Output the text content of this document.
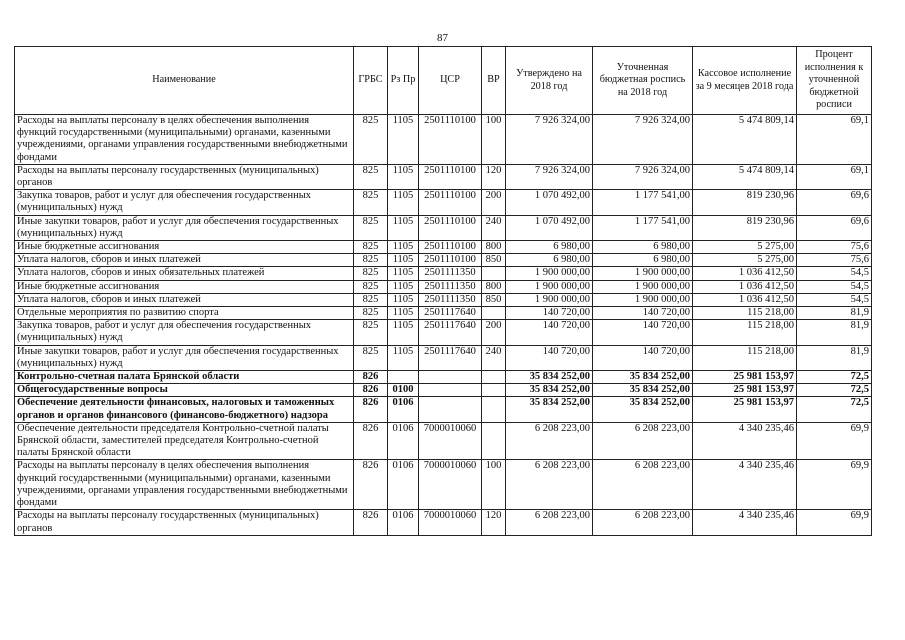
87
Наименование	ГРБС	Рз Пр	ЦСР	ВР	Утверждено на 2018 год	Уточненная бюджетная роспись на 2018 год	Кассовое исполнение за 9 месяцев 2018 года	Процент исполнения к уточненной бюджетной росписи
Расходы на выплаты персоналу в целях обеспечения выполнения функций государственными (муниципальными) органами, казенными учреждениями, органами управления государственными внебюджетными фондами	825	1105	2501110100	100	7 926 324,00	7 926 324,00	5 474 809,14	69,1
Расходы на выплаты персоналу государственных (муниципальных) органов	825	1105	2501110100	120	7 926 324,00	7 926 324,00	5 474 809,14	69,1
Закупка товаров, работ и услуг для обеспечения государственных (муниципальных) нужд	825	1105	2501110100	200	1 070 492,00	1 177 541,00	819 230,96	69,6
Иные закупки товаров, работ и услуг для обеспечения государственных (муниципальных) нужд	825	1105	2501110100	240	1 070 492,00	1 177 541,00	819 230,96	69,6
Иные бюджетные ассигнования	825	1105	2501110100	800	6 980,00	6 980,00	5 275,00	75,6
Уплата налогов, сборов и иных платежей	825	1105	2501110100	850	6 980,00	6 980,00	5 275,00	75,6
Уплата налогов, сборов и иных обязательных платежей	825	1105	2501111350		1 900 000,00	1 900 000,00	1 036 412,50	54,5
Иные бюджетные ассигнования	825	1105	2501111350	800	1 900 000,00	1 900 000,00	1 036 412,50	54,5
Уплата налогов, сборов и иных платежей	825	1105	2501111350	850	1 900 000,00	1 900 000,00	1 036 412,50	54,5
Отдельные мероприятия по развитию спорта	825	1105	2501117640		140 720,00	140 720,00	115 218,00	81,9
Закупка товаров, работ и услуг для обеспечения государственных (муниципальных) нужд	825	1105	2501117640	200	140 720,00	140 720,00	115 218,00	81,9
Иные закупки товаров, работ и услуг для обеспечения государственных (муниципальных) нужд	825	1105	2501117640	240	140 720,00	140 720,00	115 218,00	81,9
Контрольно-счетная палата Брянской области	826				35 834 252,00	35 834 252,00	25 981 153,97	72,5
Общегосударственные вопросы	826	0100			35 834 252,00	35 834 252,00	25 981 153,97	72,5
Обеспечение деятельности финансовых, налоговых и таможенных органов и органов финансового (финансово-бюджетного) надзора	826	0106			35 834 252,00	35 834 252,00	25 981 153,97	72,5
Обеспечение деятельности председателя Контрольно-счетной палаты Брянской области, заместителей председателя Контрольно-счетной палаты Брянской области	826	0106	7000010060		6 208 223,00	6 208 223,00	4 340 235,46	69,9
Расходы на выплаты персоналу в целях обеспечения выполнения функций государственными (муниципальными) органами, казенными учреждениями, органами управления государственными внебюджетными фондами	826	0106	7000010060	100	6 208 223,00	6 208 223,00	4 340 235,46	69,9
Расходы на выплаты персоналу государственных (муниципальных) органов	826	0106	7000010060	120	6 208 223,00	6 208 223,00	4 340 235,46	69,9
